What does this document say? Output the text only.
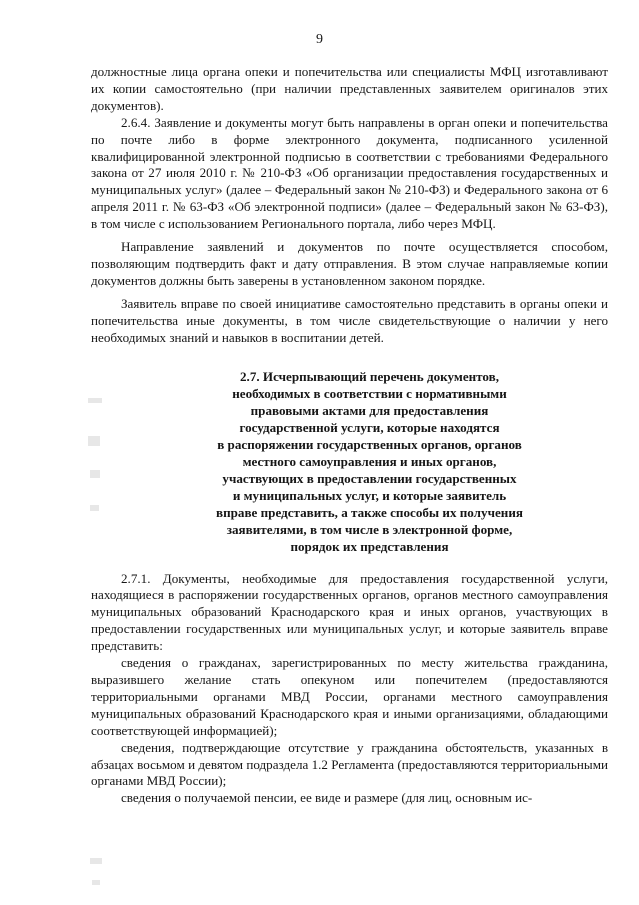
9

должностные лица органа опеки и попечительства или специалисты МФЦ изготавливают их копии самостоятельно (при наличии представленных заявителем оригиналов этих документов).

2.6.4. Заявление и документы могут быть направлены в орган опеки и попечительства по почте либо в форме электронного документа, подписанного усиленной квалифицированной электронной подписью в соответствии с требованиями Федерального закона от 27 июля 2010 г. № 210-ФЗ «Об организации предоставления государственных и муниципальных услуг» (далее – Федеральный закон № 210-ФЗ) и Федерального закона от 6 апреля 2011 г. № 63-ФЗ «Об электронной подписи» (далее – Федеральный закон № 63-ФЗ), в том числе с использованием Регионального портала, либо через МФЦ.

Направление заявлений и документов по почте осуществляется способом, позволяющим подтвердить факт и дату отправления. В этом случае направляемые копии документов должны быть заверены в установленном законом порядке.

Заявитель вправе по своей инициативе самостоятельно представить в органы опеки и попечительства иные документы, в том числе свидетельствующие о наличии у него необходимых знаний и навыков в воспитании детей.

2.7. Исчерпывающий перечень документов,
необходимых в соответствии с нормативными
правовыми актами для предоставления
государственной услуги, которые находятся
в распоряжении государственных органов, органов
местного самоуправления и иных органов,
участвующих в предоставлении государственных
и муниципальных услуг, и которые заявитель
вправе представить, а также способы их получения
заявителями, в том числе в электронной форме,
порядок их представления

2.7.1. Документы, необходимые для предоставления государственной услуги, находящиеся в распоряжении государственных органов, органов местного самоуправления муниципальных образований Краснодарского края и иных органов, участвующих в предоставлении государственных или муниципальных услуг, и которые заявитель вправе представить:

сведения о гражданах, зарегистрированных по месту жительства гражданина, выразившего желание стать опекуном или попечителем (предоставляются территориальными органами МВД России, органами местного самоуправления муниципальных образований Краснодарского края и иными организациями, обладающими соответствующей информацией);

сведения, подтверждающие отсутствие у гражданина обстоятельств, указанных в абзацах восьмом и девятом подраздела 1.2 Регламента (предоставляются территориальными органами МВД России);

сведения о получаемой пенсии, ее виде и размере (для лиц, основным ис-
